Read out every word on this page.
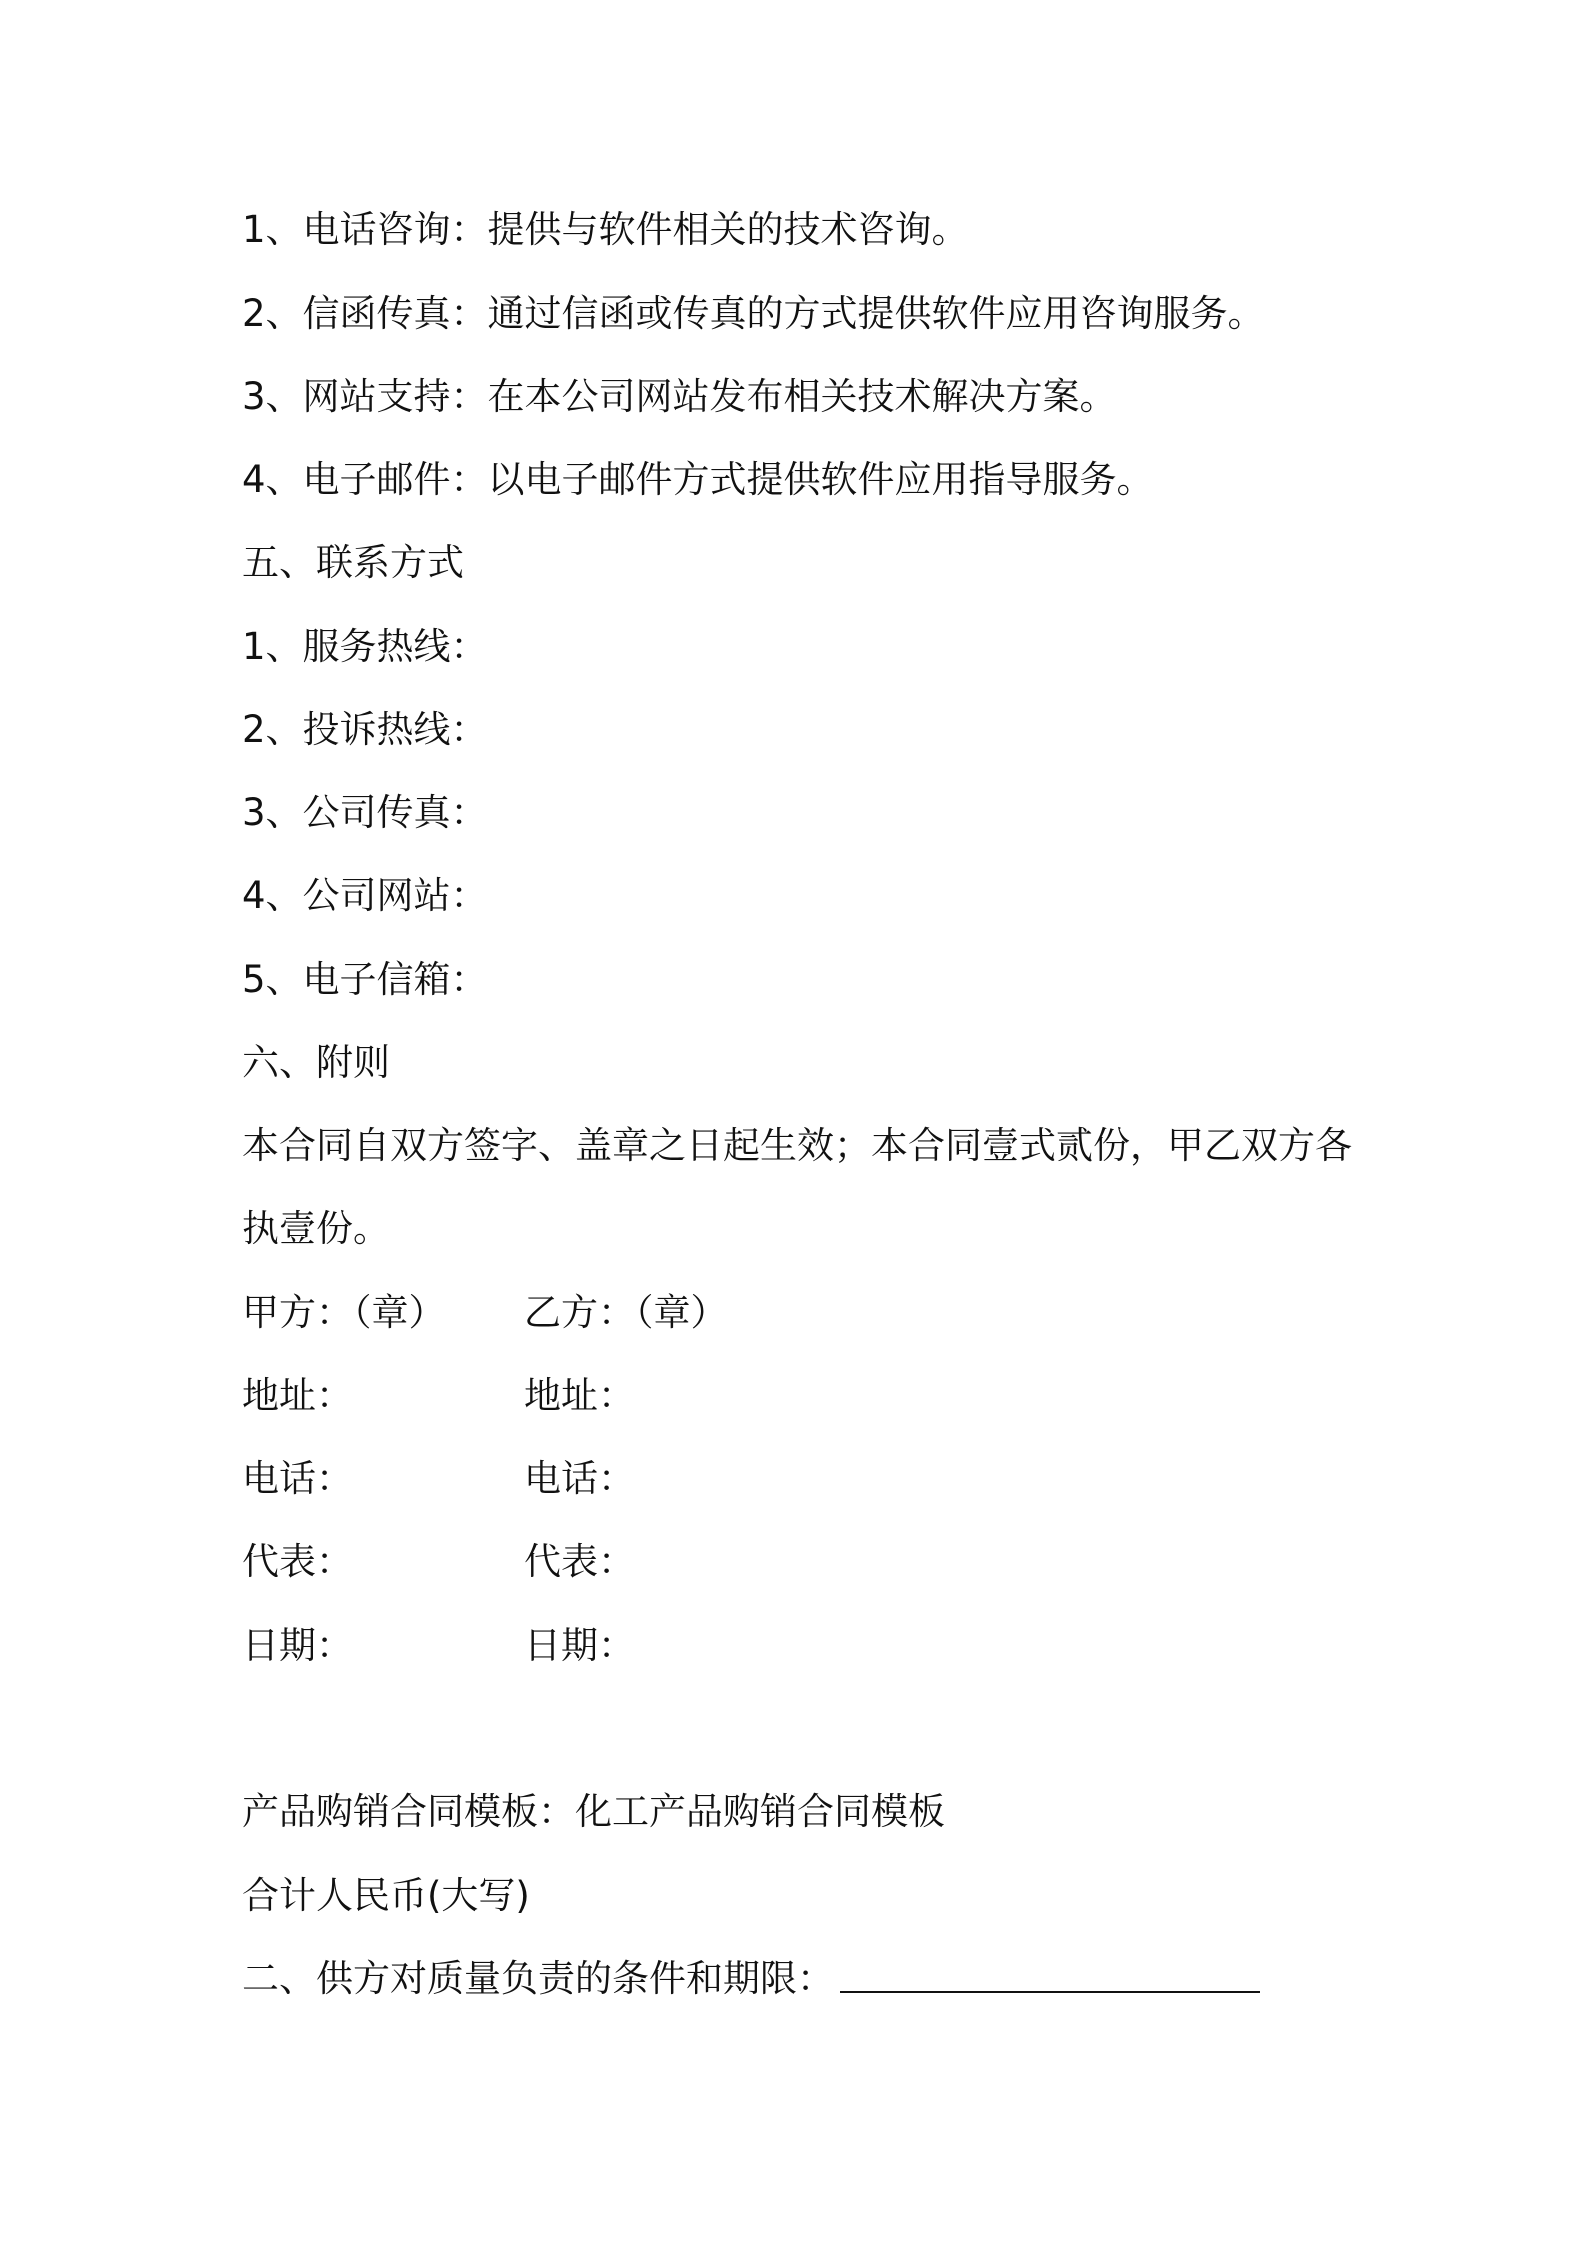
1、电话咨询：提供与软件相关的技术咨询。
2、信函传真：通过信函或传真的方式提供软件应用咨询服务。
3、网站支持：在本公司网站发布相关技术解决方案。
4、电子邮件：以电子邮件方式提供软件应用指导服务。
五、联系方式
1、服务热线：
2、投诉热线：
3、公司传真：
4、公司网站：
5、电子信箱：
六、附则
本合同自双方签字、盖章之日起生效；本合同壹式贰份，甲乙双方各
执壹份。
甲方：（章） 乙方：（章）
地址：	地址：
电话：	电话：
代表：	代表：
日期：	日期：
产品购销合同模板：化工产品购销合同模板
合计人民币(大写)
二、供方对质量负责的条件和期限：
